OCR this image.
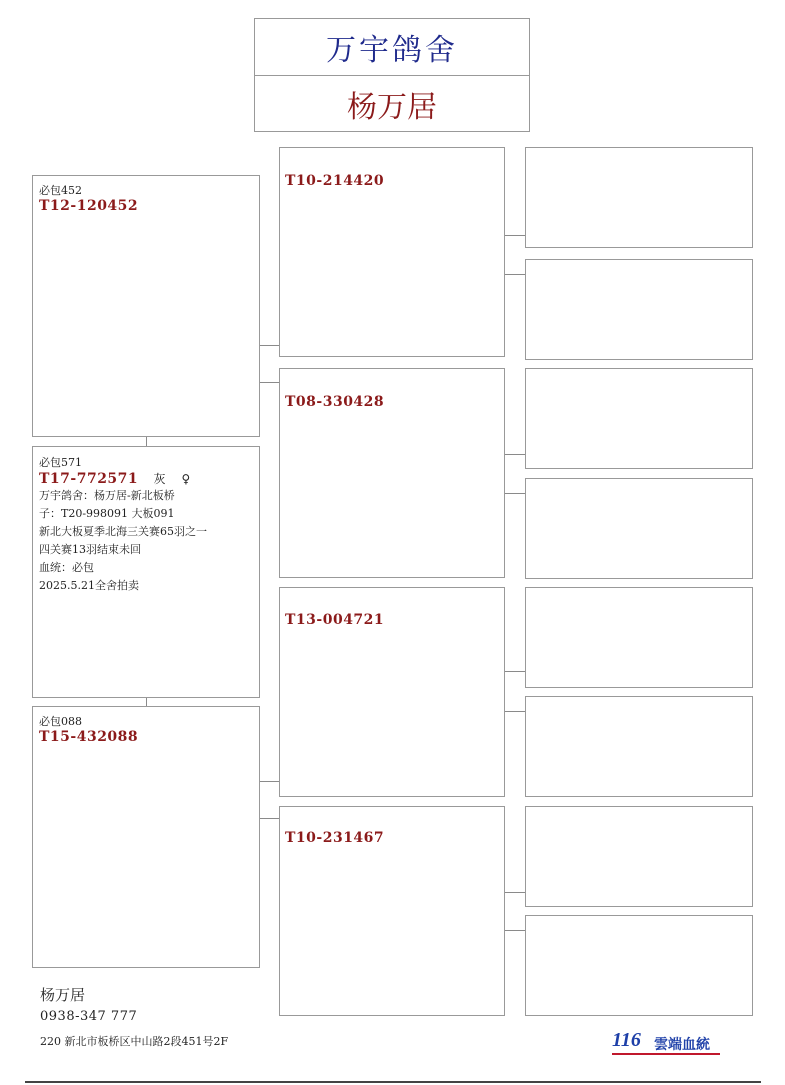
万宇鸽舍
杨万居
必包452
T12-120452
必包571
T17-772571 灰 ♀
万宇鸽舍：杨万居-新北板桥
子：T20-998091 大板091
新北大板夏季北海三关赛65羽之一
四关赛13羽结束未回
血统：必包
2025.5.21全舍拍卖
必包088
T15-432088
T10-214420
T08-330428
T13-004721
T10-231467
杨万居
0938-347 777
220 新北市板桥区中山路2段451号2F	116 雲端血統
